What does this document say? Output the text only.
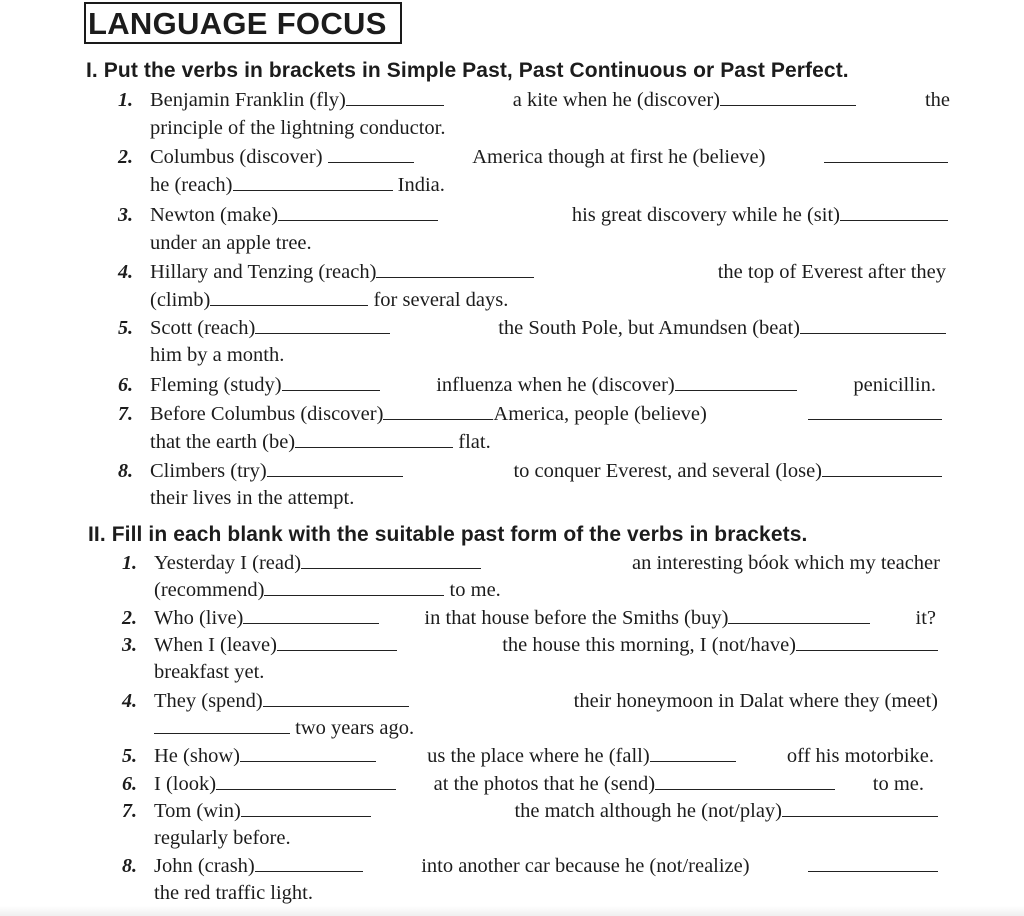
LANGUAGE FOCUS
I. Put the verbs in brackets in Simple Past, Past Continuous or Past Perfect.
1. Benjamin Franklin (fly)	a kite when he (discover)	the
principle of the lightning conductor.
2. Columbus (discover)	America though at first he (believe)
he (reach)	India.
3. Newton (make)	his great discovery while he (sit)
under an apple tree.
4. Hillary and Tenzing (reach)	the top of Everest after they
(climb)	for several days.
5. Scott (reach)	the South Pole, but Amundsen (beat)
him by a month.
6. Fleming (study)	influenza when he (discover)	penicillin.
7. Before Columbus (discover)	America, people (believe)
that the earth (be)	flat.
8. Climbers (try)	to conquer Everest, and several (lose)
their lives in the attempt.
II. Fill in each blank with the suitable past form of the verbs in brackets.
1. Yesterday I (read)	an interesting bóok which my teacher
(recommend)	to me.
2. Who (live)	in that house before the Smiths (buy)	it?
3. When I (leave)	the house this morning, I (not/have)
breakfast yet.
4. They (spend)	their honeymoon in Dalat where they (meet)
two years ago.
5. He (show)	us the place where he (fall)	off his motorbike.
6. I (look)	at the photos that he (send)	to me.
7. Tom (win)	the match although he (not/play)
regularly before.
8. John (crash)	into another car because he (not/realize)
the red traffic light.
